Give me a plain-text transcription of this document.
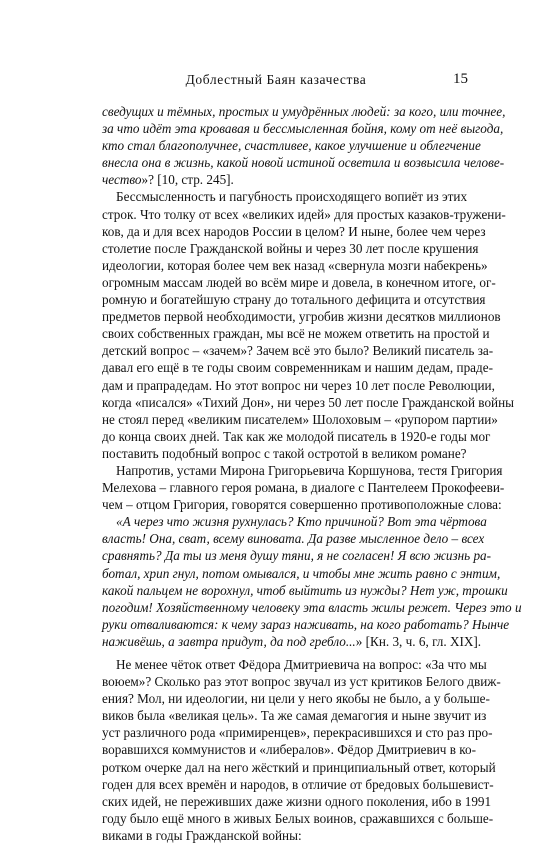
Доблестный Баян казачества	15
сведущих и тёмных, простых и умудрённых людей: за кого, или точнее,
за что идёт эта кровавая и бессмысленная бойня, кому от неё выгода,
кто стал благополучнее, счастливее, какое улучшение и облегчение
внесла она в жизнь, какой новой истиной осветила и возвысила челове-
чество»? [10, стр. 245].
Бессмысленность и пагубность происходящего вопиёт из этих
строк. Что толку от всех «великих идей» для простых казаков-тружени-
ков, да и для всех народов России в целом? И ныне, более чем через
столетие после Гражданской войны и через 30 лет после крушения
идеологии, которая более чем век назад «свернула мозги набекрень»
огромным массам людей во всём мире и довела, в конечном итоге, ог-
ромную и богатейшую страну до тотального дефицита и отсутствия
предметов первой необходимости, угробив жизни десятков миллионов
своих собственных граждан, мы всё не можем ответить на простой и
детский вопрос – «зачем»? Зачем всё это было? Великий писатель за-
давал его ещё в те годы своим современникам и нашим дедам, праде-
дам и прапрадедам. Но этот вопрос ни через 10 лет после Революции,
когда «писался» «Тихий Дон», ни через 50 лет после Гражданской войны
не стоял перед «великим писателем» Шолоховым – «рупором партии»
до конца своих дней. Так как же молодой писатель в 1920-е годы мог
поставить подобный вопрос с такой остротой в великом романе?
Напротив, устами Мирона Григорьевича Коршунова, тестя Григория
Мелехова – главного героя романа, в диалоге с Пантелеем Прокофееви-
чем – отцом Григория, говорятся совершенно противоположные слова:
«А через что жизня рухнулась? Кто причиной? Вот эта чёртова
власть! Она, сват, всему виновата. Да разве мысленное дело – всех
сравнять? Да ты из меня душу тяни, я не согласен! Я всю жизнь ра-
ботал, хрип гнул, потом омывался, и чтобы мне жить равно с энтим,
какой пальцем не ворохнул, чтоб выйтить из нужды? Нет уж, трошки
погодим! Хозяйственному человеку эта власть жилы режет. Через это и
руки отваливаются: к чему зараз наживать, на кого работать? Нынче
наживёшь, а завтра придут, да под гребло...» [Кн. 3, ч. 6, гл. XIX].
Не менее чёток ответ Фёдора Дмитриевича на вопрос: «За что мы
воюем»? Сколько раз этот вопрос звучал из уст критиков Белого движ-
ения? Мол, ни идеологии, ни цели у него якобы не было, а у больше-
виков была «великая цель». Та же самая демагогия и ныне звучит из
уст различного рода «примиренцев», перекрасившихся и сто раз про-
воравшихся коммунистов и «либералов». Фёдор Дмитриевич в ко-
ротком очерке дал на него жёсткий и принципиальный ответ, который
годен для всех времён и народов, в отличие от бредовых большевист-
ских идей, не переживших даже жизни одного поколения, ибо в 1991
году было ещё много в живых Белых воинов, сражавшихся с больше-
виками в годы Гражданской войны:
